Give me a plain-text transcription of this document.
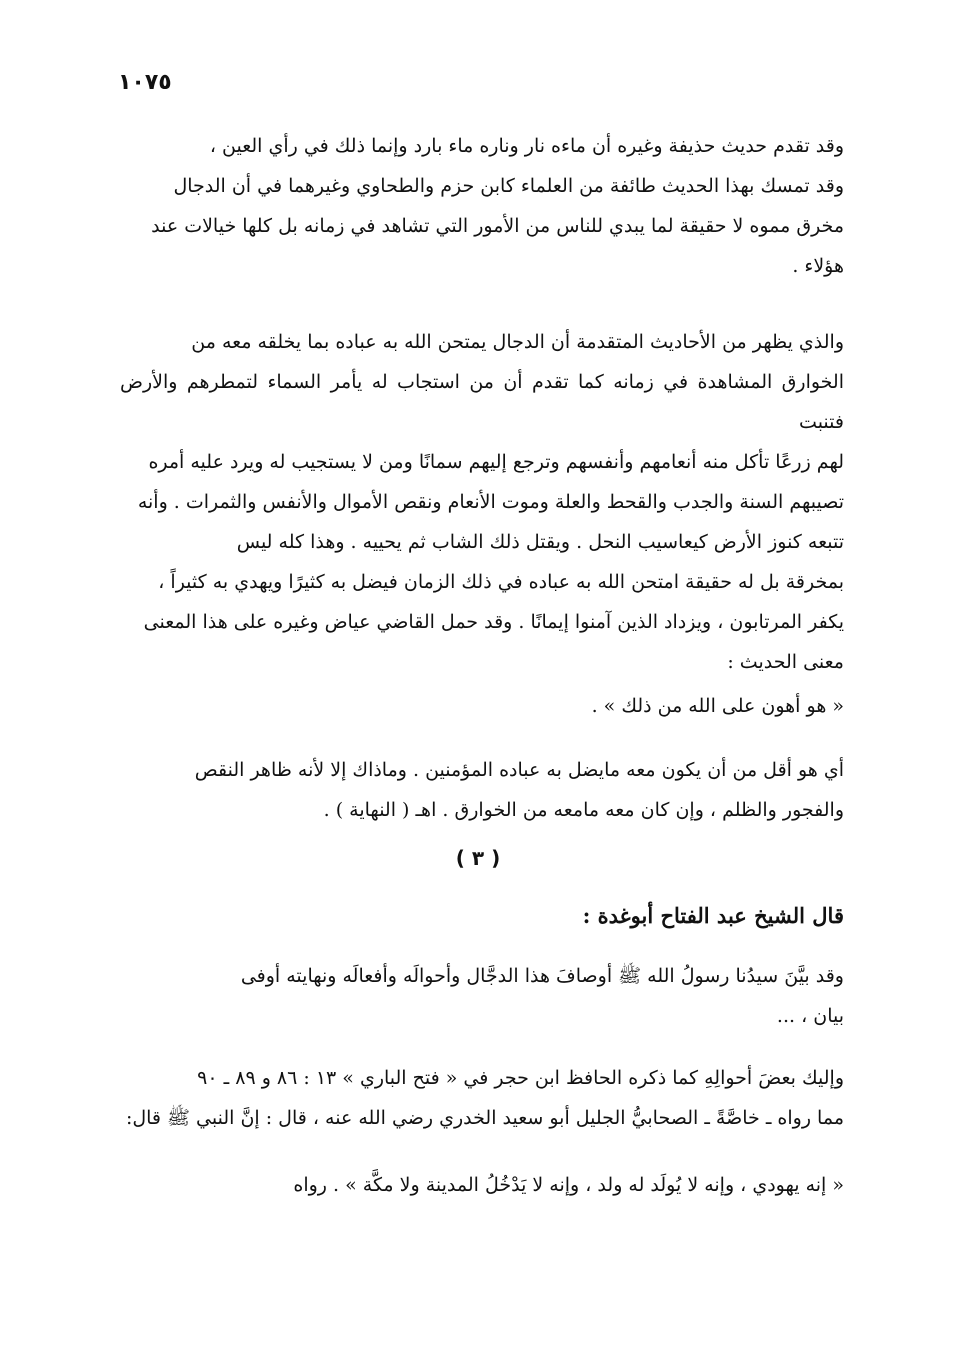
١٠٧٥
وقد تقدم حديث حذيفة وغيره أن ماءه نار وناره ماء بارد وإنما ذلك في رأي العين ،
وقد تمسك بهذا الحديث طائفة من العلماء كابن حزم والطحاوي وغيرهما في أن الدجال
مخرق مموه لا حقيقة لما يبدي للناس من الأمور التي تشاهد في زمانه بل كلها خيالات عند
هؤلاء .
والذي يظهر من الأحاديث المتقدمة أن الدجال يمتحن الله به عباده بما يخلقه معه من
الخوارق المشاهدة في زمانه كما تقدم أن من استجاب له يأمر السماء لتمطرهم والأرض فتنبت
لهم زرعًا تأكل منه أنعامهم وأنفسهم وترجع إليهم سمانًا ومن لا يستجيب له ويرد عليه أمره
تصيبهم السنة والجدب والقحط والعلة وموت الأنعام ونقص الأموال والأنفس والثمرات . وأنه
تتبعه كنوز الأرض كيعاسيب النحل . ويقتل ذلك الشاب ثم يحييه . وهذا كله ليس
بمخرقة بل له حقيقة امتحن الله به عباده في ذلك الزمان فيضل به كثيرًا ويهدي به كثيراً ،
يكفر المرتابون ، ويزداد الذين آمنوا إيمانًا . وقد حمل القاضي عياض وغيره على هذا المعنى
معنى الحديث :
« هو أهون على الله من ذلك » .
أي هو أقل من أن يكون معه مايضل به عباده المؤمنين . وماذاك إلا لأنه ظاهر النقص
والفجور والظلم ، وإن كان معه مامعه من الخوارق . اهـ ( النهاية ) .
( ٣ )
قال الشيخ عبد الفتاح أبوغدة :
وقد بيَّنَ سيدُنا رسولُ الله ﷺ أوصافَ هذا الدجَّال وأحوالَه وأفعالَه ونهايته أوفى
بيان ، ...
وإليك بعضَ أحوالِهِ كما ذكره الحافظ ابن حجر في « فتح الباري » ١٣ : ٨٦ و ٨٩ ـ ٩٠
مما رواه ـ خاصَّةً ـ الصحابيُّ الجليل أبو سعيد الخدري رضي الله عنه ، قال : إنَّ النبي ﷺ قال:
« إنه يهودي ، وإنه لا يُولَد له ولد ، وإنه لا يَدْخُلُ المدينة ولا مكَّة » . رواه
